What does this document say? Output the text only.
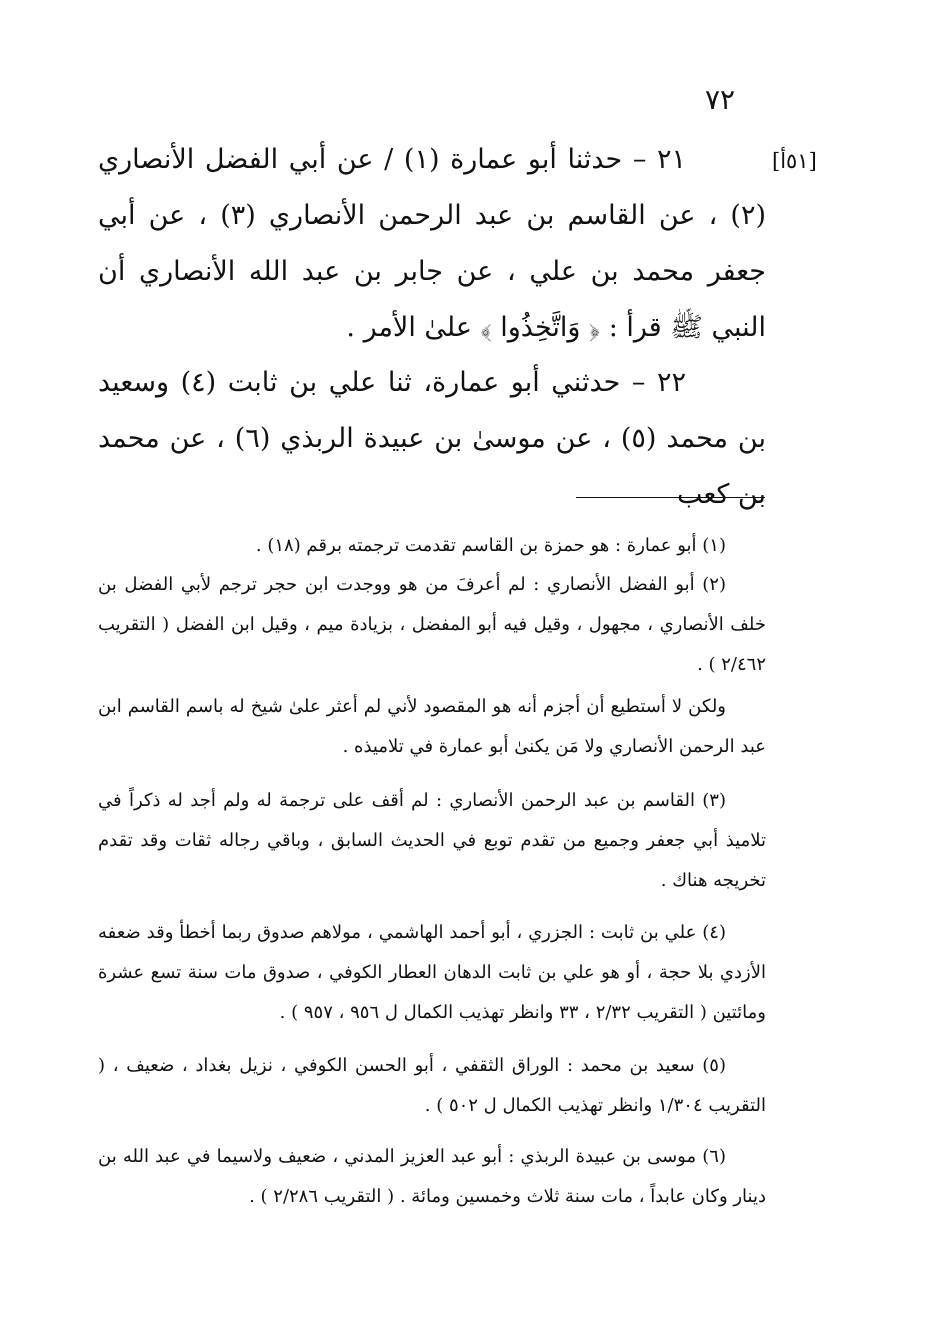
٧٢
[٥١أ]

٢١ – حدثنا أبو عمارة (١) / عن أبي الفضل الأنصاري (٢) ، عن القاسم بن عبد الرحمن الأنصاري (٣) ، عن أبي جعفر محمد بن علي ، عن جابر بن عبد الله الأنصاري أن النبي ﷺ قرأ : ﴿ وَاتَّخِذُوا ﴾ علىٰ الأمر .

٢٢ – حدثني أبو عمارة، ثنا علي بن ثابت (٤) وسعيد بن محمد (٥) ، عن موسىٰ بن عبيدة الربذي (٦) ، عن محمد بن كعب

(١) أبو عمارة : هو حمزة بن القاسم تقدمت ترجمته برقم (١٨) .

(٢) أبو الفضل الأنصاري : لم أعرفَ من هو ووجدت ابن حجر ترجم لأبي الفضل بن خلف الأنصاري ، مجهول ، وقيل فيه أبو المفضل ، بزيادة ميم ، وقيل ابن الفضل ( التقريب ٢/٤٦٢ ) .

ولكن لا أستطيع أن أجزم أنه هو المقصود لأني لم أعثر علىٰ شيخ له باسم القاسم ابن عبد الرحمن الأنصاري ولا مَن يكنىٰ أبو عمارة في تلاميذه .

(٣) القاسم بن عبد الرحمن الأنصاري : لم أقف على ترجمة له ولم أجد له ذكراً في تلاميذ أبي جعفر وجميع من تقدم توبع في الحديث السابق ، وباقي رجاله ثقات وقد تقدم تخريجه هناك .

(٤) علي بن ثابت : الجزري ، أبو أحمد الهاشمي ، مولاهم صدوق ربما أخطأ وقد ضعفه الأزدي بلا حجة ، أو هو علي بن ثابت الدهان العطار الكوفي ، صدوق مات سنة تسع عشرة ومائتين ( التقريب ٢/٣٢ ، ٣٣ وانظر تهذيب الكمال ل ٩٥٦ ، ٩٥٧ ) .

(٥) سعيد بن محمد : الوراق الثقفي ، أبو الحسن الكوفي ، نزيل بغداد ، ضعيف ، ( التقريب ١/٣٠٤ وانظر تهذيب الكمال ل ٥٠٢ ) .

(٦) موسى بن عبيدة الربذي : أبو عبد العزيز المدني ، ضعيف ولاسيما في عبد الله بن دينار وكان عابداً ، مات سنة ثلاث وخمسين ومائة . ( التقريب ٢/٢٨٦ ) .
